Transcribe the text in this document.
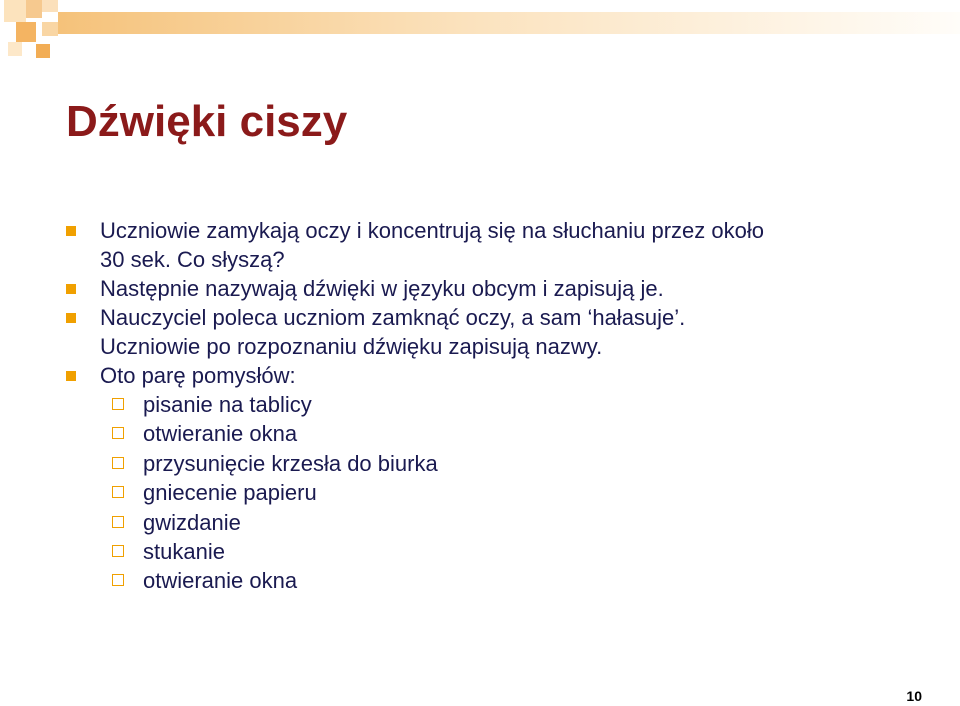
Dźwięki ciszy
Uczniowie zamykają oczy i koncentrują się na słuchaniu przez około
30 sek. Co słyszą?
Następnie nazywają dźwięki w języku obcym i zapisują je.
Nauczyciel poleca uczniom zamknąć oczy, a sam ‘hałasuje’.
Uczniowie po rozpoznaniu dźwięku zapisują nazwy.
Oto parę pomysłów:
pisanie na tablicy
otwieranie okna
przysunięcie krzesła do biurka
gniecenie papieru
gwizdanie
stukanie
otwieranie okna
10
